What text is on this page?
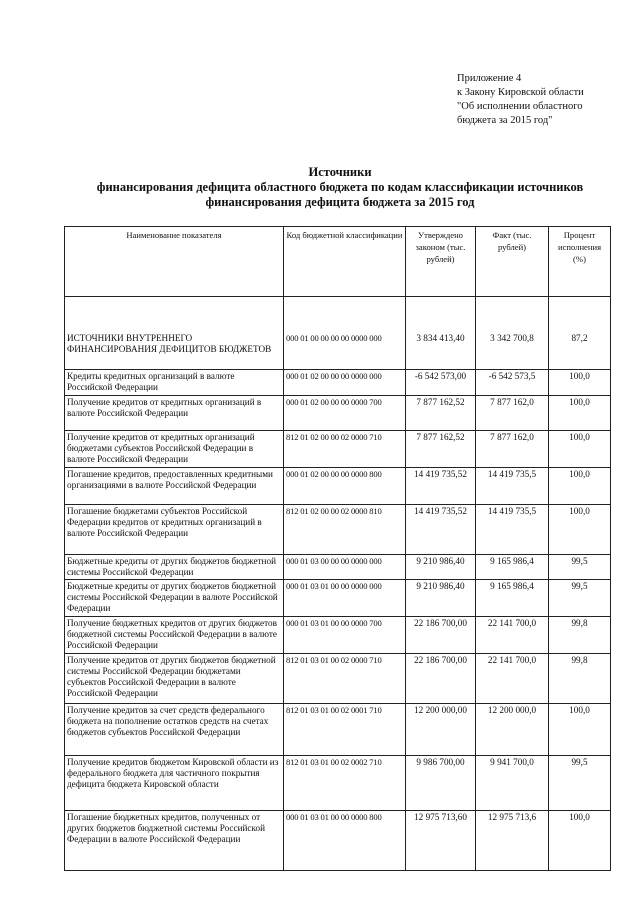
Приложение 4
к Закону Кировской области
"Об исполнении областного
бюджета за 2015 год"
Источники
финансирования дефицита областного бюджета по кодам классификации источников
финансирования дефицита бюджета за 2015 год
Наименование показателя	Код бюджетной классификации	Утверждено законом (тыс. рублей)	Факт (тыс. рублей)	Процент исполнения (%)

ИСТОЧНИКИ ВНУТРЕННЕГО ФИНАНСИРОВАНИЯ ДЕФИЦИТОВ БЮДЖЕТОВ	000 01 00 00 00 00 0000 000	3 834 413,40	3 342 700,8	87,2
Кредиты кредитных организаций в валюте Российской Федерации	000 01 02 00 00 00 0000 000	-6 542 573,00	-6 542 573,5	100,0
Получение кредитов от кредитных организаций в валюте Российской Федерации	000 01 02 00 00 00 0000 700	7 877 162,52	7 877 162,0	100,0
Получение кредитов от кредитных организаций бюджетами субъектов Российской Федерации в валюте Российской Федерации	812 01 02 00 00 02 0000 710	7 877 162,52	7 877 162,0	100,0
Погашение кредитов, предоставленных кредитными организациями в валюте Российской Федерации	000 01 02 00 00 00 0000 800	14 419 735,52	14 419 735,5	100,0
Погашение бюджетами субъектов Российской Федерации кредитов от кредитных организаций в валюте Российской Федерации	812 01 02 00 00 02 0000 810	14 419 735,52	14 419 735,5	100,0
Бюджетные кредиты от других бюджетов бюджетной системы Российской Федерации	000 01 03 00 00 00 0000 000	9 210 986,40	9 165 986,4	99,5
Бюджетные кредиты от других бюджетов бюджетной системы Российской Федерации в валюте Российской Федерации	000 01 03 01 00 00 0000 000	9 210 986,40	9 165 986,4	99,5
Получение бюджетных кредитов от других бюджетов бюджетной системы Российской Федерации в валюте Российской Федерации	000 01 03 01 00 00 0000 700	22 186 700,00	22 141 700,0	99,8
Получение кредитов от других бюджетов бюджетной системы Российской Федерации бюджетами субъектов Российской Федерации в валюте Российской Федерации	812 01 03 01 00 02 0000 710	22 186 700,00	22 141 700,0	99,8
Получение кредитов за счет средств федерального бюджета на пополнение остатков средств на счетах бюджетов субъектов Российской Федерации	812 01 03 01 00 02 0001 710	12 200 000,00	12 200 000,0	100,0
Получение кредитов бюджетом Кировской области из федерального бюджета для частичного покрытия дефицита бюджета Кировской области	812 01 03 01 00 02 0002 710	9 986 700,00	9 941 700,0	99,5
Погашение бюджетных кредитов, полученных от других бюджетов бюджетной системы Российской Федерации в валюте Российской Федерации	000 01 03 01 00 00 0000 800	12 975 713,60	12 975 713,6	100,0
